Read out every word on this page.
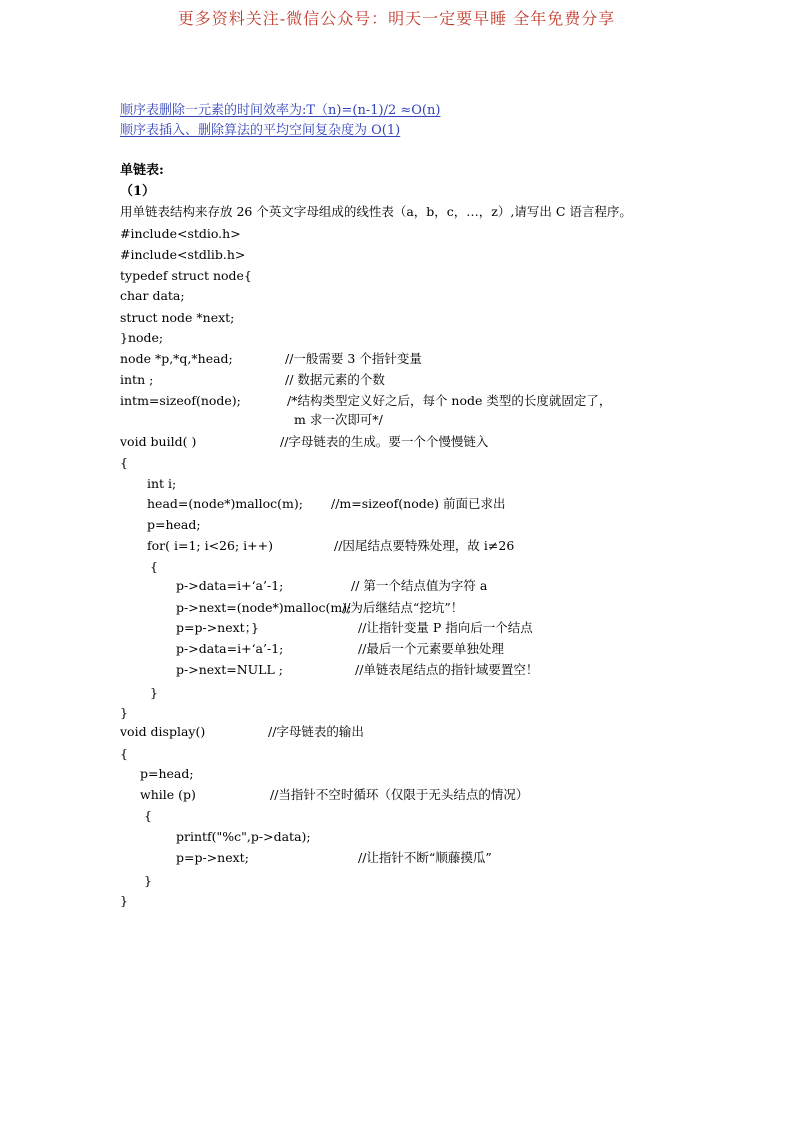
更多资料关注-微信公众号：明天一定要早睡 全年免费分享
顺序表删除一元素的时间效率为:T（n)=(n-1)/2 ≈O(n)
顺序表插入、删除算法的平均空间复杂度为 O(1)
单链表:
（1）
用单链表结构来存放 26 个英文字母组成的线性表（a，b，c，…，z）,请写出 C 语言程序。
#include<stdio.h>
#include<stdlib.h>
typedef struct node{
char data;
struct node *next;
}node;
node *p,*q,*head;	//一般需要 3 个指针变量
intn ;	// 数据元素的个数
intm=sizeof(node);	/*结构类型定义好之后，每个 node 类型的长度就固定了，
m 求一次即可*/
void build( )	//字母链表的生成。要一个个慢慢链入
{
int i;
head=(node*)malloc(m); //m=sizeof(node) 前面已求出
p=head;
for( i=1; i<26; i++)	//因尾结点要特殊处理，故 i≠26
{
p->data=i+‘a’-1;	// 第一个结点值为字符 a
p->next=(node*)malloc(m);
//为后继结点“挖坑”！
p=p->next；}	//让指针变量 P 指向后一个结点
p->data=i+‘a’-1;	//最后一个元素要单独处理
p->next=NULL ;	//单链表尾结点的指针域要置空！
}
}
void display()	//字母链表的输出
{
p=head;
while (p)	//当指针不空时循环（仅限于无头结点的情况）
{
printf("%c",p->data);
p=p->next;	//让指针不断“顺藤摸瓜”
}
}
